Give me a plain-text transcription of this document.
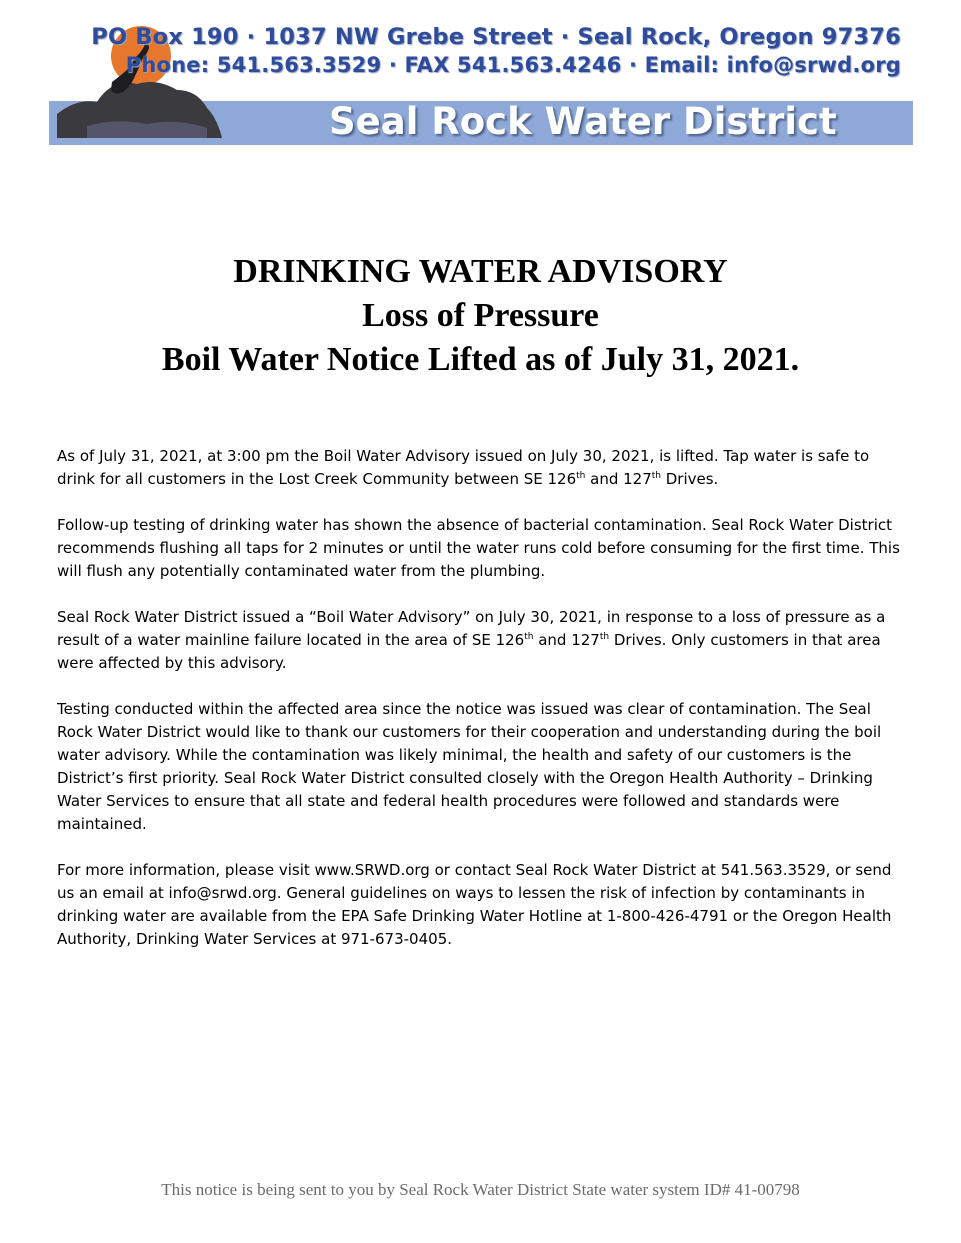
PO Box 190 · 1037 NW Grebe Street · Seal Rock, Oregon 97376
Phone: 541.563.3529 · FAX 541.563.4246 · Email: info@srwd.org
Seal Rock Water District
DRINKING WATER ADVISORY
Loss of Pressure
Boil Water Notice Lifted as of July 31, 2021.

As of July 31, 2021, at 3:00 pm the Boil Water Advisory issued on July 30, 2021, is lifted. Tap water is safe to drink for all customers in the Lost Creek Community between SE 126th and 127th Drives.

Follow-up testing of drinking water has shown the absence of bacterial contamination. Seal Rock Water District recommends flushing all taps for 2 minutes or until the water runs cold before consuming for the first time. This will flush any potentially contaminated water from the plumbing.

Seal Rock Water District issued a “Boil Water Advisory” on July 30, 2021, in response to a loss of pressure as a result of a water mainline failure located in the area of SE 126th and 127th Drives. Only customers in that area were affected by this advisory.

Testing conducted within the affected area since the notice was issued was clear of contamination. The Seal Rock Water District would like to thank our customers for their cooperation and understanding during the boil water advisory. While the contamination was likely minimal, the health and safety of our customers is the District’s first priority. Seal Rock Water District consulted closely with the Oregon Health Authority – Drinking Water Services to ensure that all state and federal health procedures were followed and standards were maintained.

For more information, please visit www.SRWD.org or contact Seal Rock Water District at 541.563.3529, or send us an email at info@srwd.org. General guidelines on ways to lessen the risk of infection by contaminants in drinking water are available from the EPA Safe Drinking Water Hotline at 1-800-426-4791 or the Oregon Health Authority, Drinking Water Services at 971-673-0405.

This notice is being sent to you by Seal Rock Water District State water system ID# 41-00798
